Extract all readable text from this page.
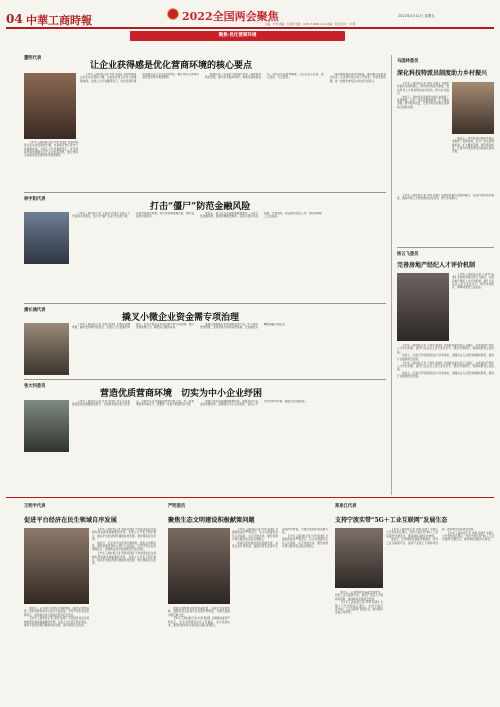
04 中華工商時報	2022全国两会聚焦	2022年3月11日 星期五
主编：叶青 责编：王春玲 电话：(010) 51668 xxxx 美编：张 婷 校对：李 明
聚焦·优化营商环境
董明代表
让企业获得感是优化营商环境的核心要点

【中华工商时报记者 叶青 报道】营商环境是企业生存发展的土壤，也是地区核心竞争力的重要体现。全国人大代表董明表示，优化营商环境的落脚点在于企业的获得感，要让市场主体真切感受到改革带来的便利。

【中华工商时报记者 叶青 报道】营商环境是企业生存发展的土壤，也是地区核心竞争力的重要体现。全国人大代表董明表示，优化营商环境的落脚点在于企业的获得感，要让市场主体真切感受到改革带来的便利。

他建议进一步深化“放管服”改革，持续简化审批流程，提升政务服务效率，构建亲清政商关系，切实为企业排忧解难，让企业安心发展、放心投资、专心经营。

同时要加强政策宣传解读，推动惠企政策直达快享，让各类市场主体公平竞争，共享发展机遇，进一步激发市场活力和社会创造力。

林宇阳代表
打击“僵尸”防范金融风险

【中华工商时报记者 王春玲 报道】全国人大代表林宇阳建议，加大对“僵尸企业”的出清力度，完善市场退出机制，防范和化解金融风险，维护良好的市场秩序。

他表示，部分企业长期依靠输血维持，占用大量金融资源，影响资源配置效率。应建立健全识别机制，分类施策，稳妥推进处置工作，同时保障职工合法权益。

潘长城代表
撬叉小微企业资金需专项治理

【中华工商时报记者 张明 报道】小微企业融资难、融资贵问题仍较突出。全国人大代表潘长城建议，针对小微企业资金需求开展专项治理，规范各类收费行为，降低综合融资成本。

他建议鼓励银行机构创新信贷产品，扩大信用贷款规模，完善风险分担和补偿机制，让金融活水精准滴灌小微企业。

张大钊委员
营造优质营商环境　切实为中小企业纾困

【中华工商时报记者 叶青 报道】中小企业是国民经济的重要组成部分。全国政协委员张大钊表示，当前中小企业面临原材料价格上涨、用工成本增加等多重压力，需要进一步加大纾困帮扶力度。

他建议落实落细减税降费政策，加强对中小企业的金融支持，清理拖欠中小企业账款，营造公平竞争的市场环境，提振企业发展信心。

马国林委员
深化科技特派员制度助力乡村振兴

【中华工商时报记者 李明 报道】全国政协委员马国林建议，深化科技特派员制度，推动科技人才和成果向农村流动，助力乡村振兴。

他表示，科技特派员制度实施以来取得了显著成效，应进一步完善激励机制，扩大覆盖范围，提升服务质量，让更多科技成果在田间地头落地生根。

他表示，科技特派员制度实施以来取得了显著成效，应进一步完善激励机制，扩大覆盖范围，提升服务质量，让更多科技成果在田间地头落地生根。

【中华工商时报记者 李明 报道】全国政协委员马国林建议，深化科技特派员制度，推动科技人才和成果向农村流动，助力乡村振兴。

杨云飞委员
完善房地产经纪人才评价机制

【中华工商时报记者 王春玲 报道】全国政协委员杨云飞建议，完善房地产经纪人才评价机制，提升行业从业人员专业化水平，规范市场秩序，保障消费者合法权益。

【中华工商时报记者 王春玲 报道】全国政协委员杨云飞建议，完善房地产经纪人才评价机制，提升行业从业人员专业化水平，规范市场秩序，保障消费者合法权益。

他表示，应建立科学的职业能力评价体系，加强从业人员培训和继续教育，推动行业健康规范发展。

【中华工商时报记者 王春玲 报道】全国政协委员杨云飞建议，完善房地产经纪人才评价机制，提升行业从业人员专业化水平，规范市场秩序，保障消费者合法权益。

他表示，应建立科学的职业能力评价体系，加强从业人员培训和继续教育，推动行业健康规范发展。

王明宇代表
促进平台经济在民生领域自序发展

【中华工商时报记者 张明 报道】平台经济在民生领域发挥着越来越重要的作用。全国人大代表王明宇建议，推动平台经济规范健康持续发展，更好服务民生需求。

他表示，应完善平台经济治理规则，强化反垄断监管，保护消费者和中小商户合法权益，引导平台企业在保障民生、促进就业等方面承担更多社会责任。

【中华工商时报记者 张明 报道】平台经济在民生领域发挥着越来越重要的作用。全国人大代表王明宇建议，推动平台经济规范健康持续发展，更好服务民生需求。

他表示，应完善平台经济治理规则，强化反垄断监管，保护消费者和中小商户合法权益，引导平台企业在保障民生、促进就业等方面承担更多社会责任。

【中华工商时报记者 张明 报道】平台经济在民生领域发挥着越来越重要的作用。全国人大代表王明宇建议，推动平台经济规范健康持续发展，更好服务民生需求。

严明委员
聚焦生态文明建设积极献策问题

【中华工商时报记者 叶青 报道】全国政协委员严明表示，生态文明建设关系人民福祉、关乎民族未来，要坚持绿水青山就是金山银山的理念。

他建议加快推动绿色低碳发展，完善生态补偿机制，鼓励民营企业参与生态保护和修复，为建设美丽中国贡献力量。

【中华工商时报记者 叶青 报道】全国政协委员严明表示，生态文明建设关系人民福祉、关乎民族未来，要坚持绿水青山就是金山银山的理念。

他建议加快推动绿色低碳发展，完善生态补偿机制，鼓励民营企业参与生态保护和修复，为建设美丽中国贡献力量。

【中华工商时报记者 叶青 报道】全国政协委员严明表示，生态文明建设关系人民福祉、关乎民族未来，要坚持绿水青山就是金山银山的理念。

郑泉江代表
支持宁波实带“5G＋工业互联网”发展生态

【中华工商时报记者 李明 报道】全国人大代表郑泉江建议，支持宁波打造“5G＋工业互联网”发展生态，推动制造业数字化转型。

他表示，应加快新型基础设施建设，培育工业互联网平台，促进产业链上下游协同创新，推动制造业高质量发展。

【中华工商时报记者 李明 报道】全国人大代表郑泉江建议，支持宁波打造“5G＋工业互联网”发展生态，推动制造业数字化转型。

他表示，应加快新型基础设施建设，培育工业互联网平台，促进产业链上下游协同创新，推动制造业高质量发展。

【中华工商时报记者 李明 报道】全国人大代表郑泉江建议，支持宁波打造“5G＋工业互联网”发展生态，推动制造业数字化转型。
